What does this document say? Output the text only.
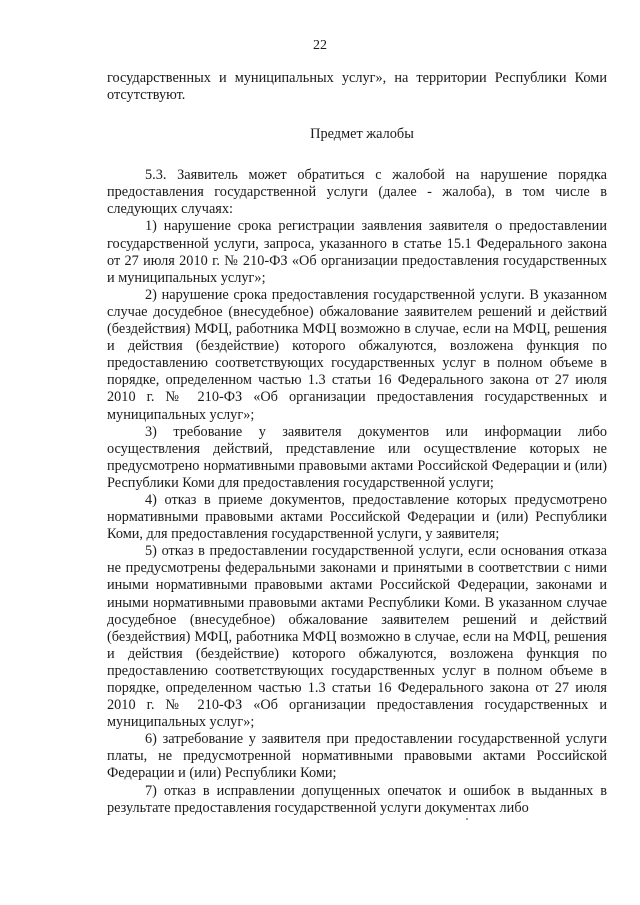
22

государственных и муниципальных услуг», на территории Республики Коми отсутствуют.

Предмет жалобы

5.3. Заявитель может обратиться с жалобой на нарушение порядка предоставления государственной услуги (далее - жалоба), в том числе в следующих случаях:

1) нарушение срока регистрации заявления заявителя о предоставлении государственной услуги, запроса, указанного в статье 15.1 Федерального закона от 27 июля 2010 г. № 210-ФЗ «Об организации предоставления государственных и муниципальных услуг»;

2) нарушение срока предоставления государственной услуги. В указанном случае досудебное (внесудебное) обжалование заявителем решений и действий (бездействия) МФЦ, работника МФЦ возможно в случае, если на МФЦ, решения и действия (бездействие) которого обжалуются, возложена функция по предоставлению соответствующих государственных услуг в полном объеме в порядке, определенном частью 1.3 статьи 16 Федерального закона от 27 июля 2010 г. № 210-ФЗ «Об организации предоставления государственных и муниципальных услуг»;

3) требование у заявителя документов или информации либо осуществления действий, представление или осуществление которых не предусмотрено нормативными правовыми актами Российской Федерации и (или) Республики Коми для предоставления государственной услуги;

4) отказ в приеме документов, предоставление которых предусмотрено нормативными правовыми актами Российской Федерации и (или) Республики Коми, для предоставления государственной услуги, у заявителя;

5) отказ в предоставлении государственной услуги, если основания отказа не предусмотрены федеральными законами и принятыми в соответствии с ними иными нормативными правовыми актами Российской Федерации, законами и иными нормативными правовыми актами Республики Коми. В указанном случае досудебное (внесудебное) обжалование заявителем решений и действий (бездействия) МФЦ, работника МФЦ возможно в случае, если на МФЦ, решения и действия (бездействие) которого обжалуются, возложена функция по предоставлению соответствующих государственных услуг в полном объеме в порядке, определенном частью 1.3 статьи 16 Федерального закона от 27 июля 2010 г. № 210-ФЗ «Об организации предоставления государственных и муниципальных услуг»;

6) затребование у заявителя при предоставлении государственной услуги платы, не предусмотренной нормативными правовыми актами Российской Федерации и (или) Республики Коми;

7) отказ в исправлении допущенных опечаток и ошибок в выданных в результате предоставления государственной услуги документах либо
